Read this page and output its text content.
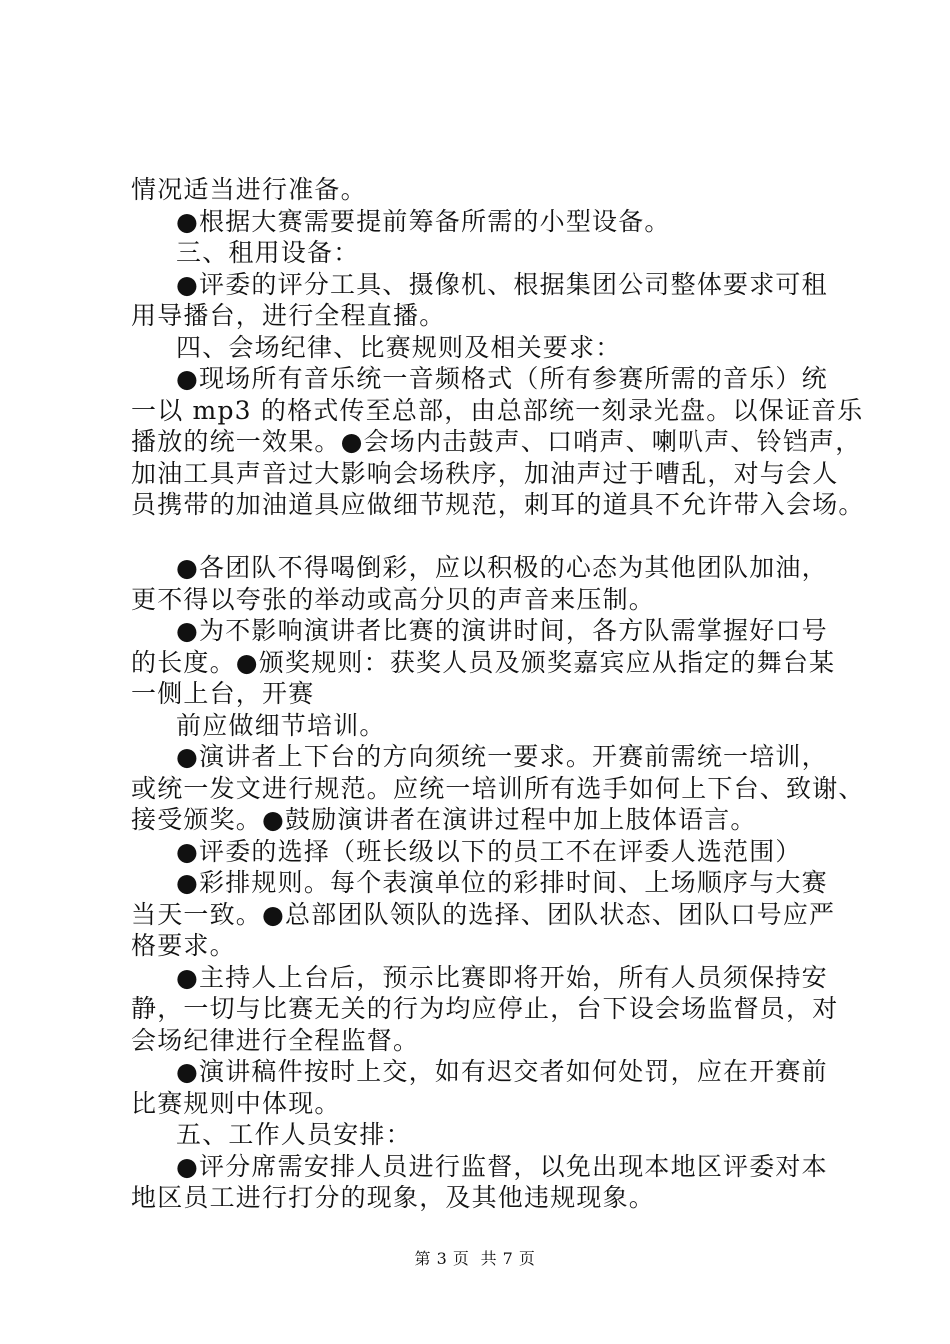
情况适当进行准备。
●根据大赛需要提前筹备所需的小型设备。
三、租用设备：
●评委的评分工具、摄像机、根据集团公司整体要求可租
用导播台，进行全程直播。
四、会场纪律、比赛规则及相关要求：
●现场所有音乐统一音频格式（所有参赛所需的音乐）统
一以 mp3 的格式传至总部，由总部统一刻录光盘。以保证音乐
播放的统一效果。●会场内击鼓声、口哨声、喇叭声、铃铛声，
加油工具声音过大影响会场秩序，加油声过于嘈乱，对与会人
员携带的加油道具应做细节规范，刺耳的道具不允许带入会场。
●各团队不得喝倒彩，应以积极的心态为其他团队加油，
更不得以夸张的举动或高分贝的声音来压制。
●为不影响演讲者比赛的演讲时间，各方队需掌握好口号
的长度。●颁奖规则：获奖人员及颁奖嘉宾应从指定的舞台某
一侧上台，开赛
前应做细节培训。
●演讲者上下台的方向须统一要求。开赛前需统一培训，
或统一发文进行规范。应统一培训所有选手如何上下台、致谢、
接受颁奖。●鼓励演讲者在演讲过程中加上肢体语言。
●评委的选择（班长级以下的员工不在评委人选范围）
●彩排规则。每个表演单位的彩排时间、上场顺序与大赛
当天一致。●总部团队领队的选择、团队状态、团队口号应严
格要求。
●主持人上台后，预示比赛即将开始，所有人员须保持安
静，一切与比赛无关的行为均应停止，台下设会场监督员，对
会场纪律进行全程监督。
●演讲稿件按时上交，如有迟交者如何处罚，应在开赛前
比赛规则中体现。
五、工作人员安排：
●评分席需安排人员进行监督，以免出现本地区评委对本
地区员工进行打分的现象，及其他违规现象。
第 3 页  共 7 页
